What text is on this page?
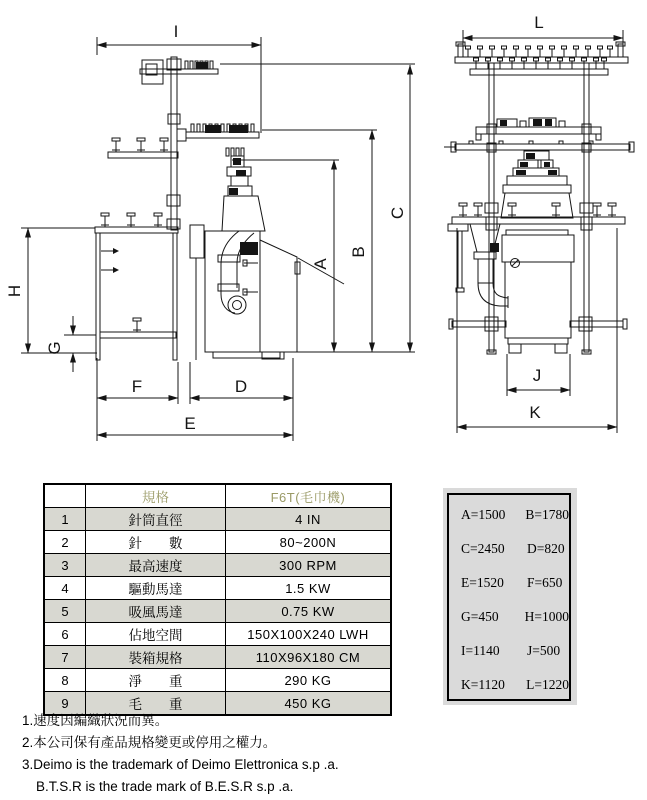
I
C
B
A
H
G
F	D
E
L
J
K
	規格	F6T(毛巾機)
1	針筒直徑	4 IN
2	針　　數	80~200N
3	最高速度	300 RPM
4	驅動馬達	1.5 KW
5	吸風馬達	0.75 KW
6	佔地空間	150X100X240 LWH
7	裝箱規格	110X96X180 CM
8	淨　　重	290 KG
9	毛　　重	450 KG
A=1500	B=1780
C=2450	D=820
E=1520	F=650
G=450	H=1000
I=1140	J=500
K=1120	L=1220
1.速度因編織狀況而異。
2.本公司保有產品規格變更或停用之權力。
3.Deimo is the trademark of Deimo Elettronica s.p .a.
B.T.S.R is the trade mark of B.E.S.R s.p .a.
